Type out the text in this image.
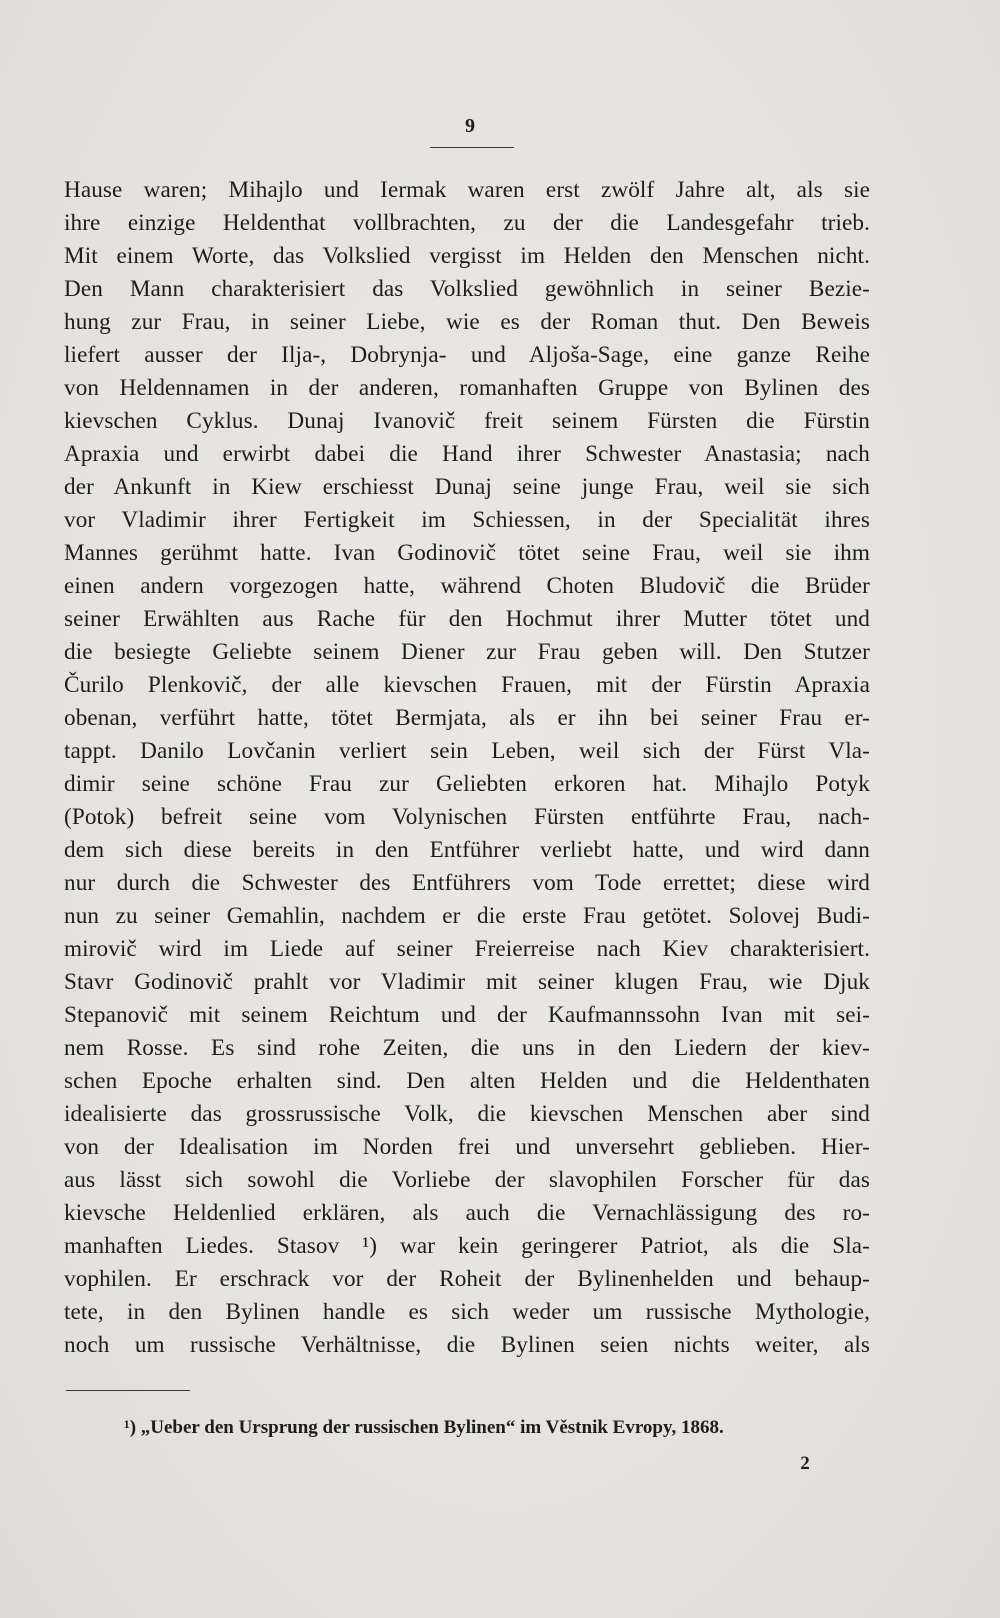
9
Hause waren; Mihajlo und Iermak waren erst zwölf Jahre alt, als sie
ihre einzige Heldenthat vollbrachten, zu der die Landesgefahr trieb.
Mit einem Worte, das Volkslied vergisst im Helden den Menschen nicht.
Den Mann charakterisiert das Volkslied gewöhnlich in seiner Bezie-
hung zur Frau, in seiner Liebe, wie es der Roman thut. Den Beweis
liefert ausser der Ilja-, Dobrynja- und Aljoša-Sage, eine ganze Reihe
von Heldennamen in der anderen, romanhaften Gruppe von Bylinen des
kievschen Cyklus. Dunaj Ivanovič freit seinem Fürsten die Fürstin
Apraxia und erwirbt dabei die Hand ihrer Schwester Anastasia; nach
der Ankunft in Kiew erschiesst Dunaj seine junge Frau, weil sie sich
vor Vladimir ihrer Fertigkeit im Schiessen, in der Specialität ihres
Mannes gerühmt hatte. Ivan Godinovič tötet seine Frau, weil sie ihm
einen andern vorgezogen hatte, während Choten Bludovič die Brüder
seiner Erwählten aus Rache für den Hochmut ihrer Mutter tötet und
die besiegte Geliebte seinem Diener zur Frau geben will. Den Stutzer
Čurilo Plenkovič, der alle kievschen Frauen, mit der Fürstin Apraxia
obenan, verführt hatte, tötet Bermjata, als er ihn bei seiner Frau er-
tappt. Danilo Lovčanin verliert sein Leben, weil sich der Fürst Vla-
dimir seine schöne Frau zur Geliebten erkoren hat. Mihajlo Potyk
(Potok) befreit seine vom Volynischen Fürsten entführte Frau, nach-
dem sich diese bereits in den Entführer verliebt hatte, und wird dann
nur durch die Schwester des Entführers vom Tode errettet; diese wird
nun zu seiner Gemahlin, nachdem er die erste Frau getötet. Solovej Budi-
mirovič wird im Liede auf seiner Freierreise nach Kiev charakterisiert.
Stavr Godinovič prahlt vor Vladimir mit seiner klugen Frau, wie Djuk
Stepanovič mit seinem Reichtum und der Kaufmannssohn Ivan mit sei-
nem Rosse. Es sind rohe Zeiten, die uns in den Liedern der kiev-
schen Epoche erhalten sind. Den alten Helden und die Heldenthaten
idealisierte das grossrussische Volk, die kievschen Menschen aber sind
von der Idealisation im Norden frei und unversehrt geblieben. Hier-
aus lässt sich sowohl die Vorliebe der slavophilen Forscher für das
kievsche Heldenlied erklären, als auch die Vernachlässigung des ro-
manhaften Liedes. Stasov ¹) war kein geringerer Patriot, als die Sla-
vophilen. Er erschrack vor der Roheit der Bylinenhelden und behaup-
tete, in den Bylinen handle es sich weder um russische Mythologie,
noch um russische Verhältnisse, die Bylinen seien nichts weiter, als
¹) „Ueber den Ursprung der russischen Bylinen“ im Věstnik Evropy, 1868.
2
